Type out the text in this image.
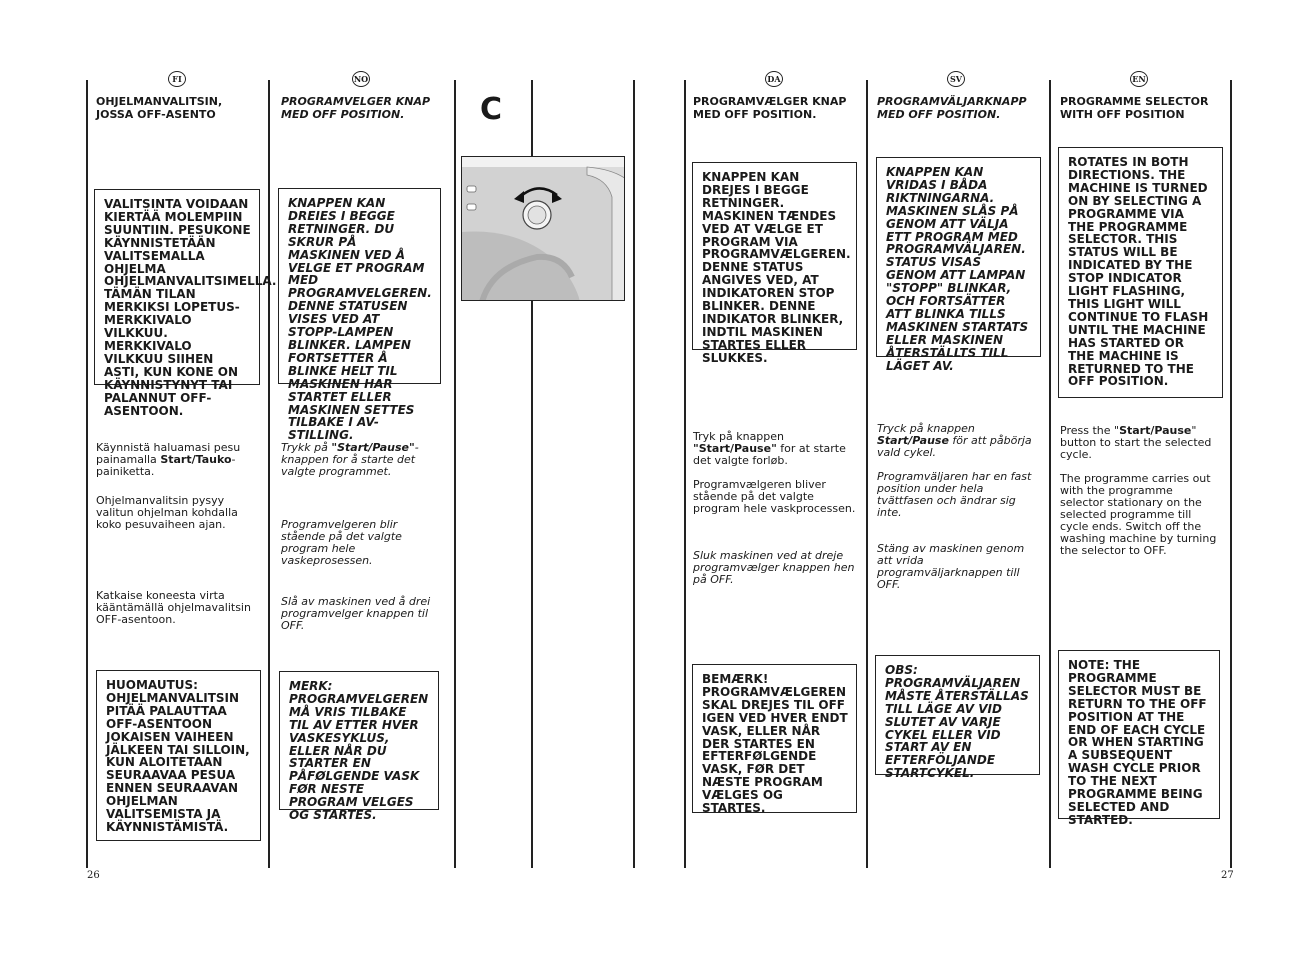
FI	NO	DA	SV	EN
OHJELMANVALITSIN, JOSSA OFF-ASENTO
VALITSINTA VOIDAAN KIERTÄÄ MOLEMPIIN SUUNTIIN. PESUKONE KÄYNNISTETÄÄN VALITSEMALLA OHJELMA OHJELMANVALITSIMELLA. TÄMÄN TILAN MERKIKSI LOPETUS-MERKKIVALO VILKKUU. MERKKIVALO VILKKUU SIIHEN ASTI, KUN KONE ON KÄYNNISTYNYT TAI PALANNUT OFF-ASENTOON.
Käynnistä haluamasi pesu painamalla Start/Tauko-painiketta.
Ohjelmanvalitsin pysyy valitun ohjelman kohdalla koko pesuvaiheen ajan.
Katkaise koneesta virta kääntämällä ohjelmavalitsin OFF-asentoon.
HUOMAUTUS: OHJELMANVALITSIN PITÄÄ PALAUTTAA OFF-ASENTOON JOKAISEN VAIHEEN JÄLKEEN TAI SILLOIN, KUN ALOITETAAN SEURAAVAA PESUA ENNEN SEURAAVAN OHJELMAN VALITSEMISTA JA KÄYNNISTÄMISTÄ.
PROGRAMVELGER KNAP MED OFF POSITION.
KNAPPEN KAN DREIES I BEGGE RETNINGER. DU SKRUR PÅ MASKINEN VED Å VELGE ET PROGRAM MED PROGRAMVELGEREN. DENNE STATUSEN VISES VED AT STOPP-LAMPEN BLINKER. LAMPEN FORTSETTER Å BLINKE HELT TIL MASKINEN HAR STARTET ELLER MASKINEN SETTES TILBAKE I AV-STILLING.
Trykk på "Start/Pause"-knappen for å starte det valgte programmet.
Programvelgeren blir stående på det valgte program hele vaskeprosessen.
Slå av maskinen ved å drei programvelger knappen til OFF.
MERK: PROGRAMVELGEREN MÅ VRIS TILBAKE TIL AV ETTER HVER VASKESYKLUS, ELLER NÅR DU STARTER EN PÅFØLGENDE VASK FØR NESTE PROGRAM VELGES OG STARTES.
C	PROGRAMVÆLGER KNAP MED OFF POSITION.
KNAPPEN KAN DREJES I BEGGE RETNINGER. MASKINEN TÆNDES VED AT VÆLGE ET PROGRAM VIA PROGRAMVÆLGEREN. DENNE STATUS ANGIVES VED, AT INDIKATOREN STOP BLINKER. DENNE INDIKATOR BLINKER, INDTIL MASKINEN STARTES ELLER SLUKKES.
Tryk på knappen "Start/Pause" for at starte det valgte forløb.
Programvælgeren bliver stående på det valgte program hele vaskprocessen.
Sluk maskinen ved at dreje programvælger knappen hen på OFF.
BEMÆRK! PROGRAMVÆLGEREN SKAL DREJES TIL OFF IGEN VED HVER ENDT VASK, ELLER NÅR DER STARTES EN EFTERFØLGENDE VASK, FØR DET NÆSTE PROGRAM VÆLGES OG STARTES.
PROGRAMVÄLJARKNAPP MED OFF POSITION.
KNAPPEN KAN VRIDAS I BÅDA RIKTNINGARNA. MASKINEN SLÅS PÅ GENOM ATT VÄLJA ETT PROGRAM MED PROGRAMVÄLJAREN. STATUS VISAS GENOM ATT LAMPAN "STOPP" BLINKAR, OCH FORTSÄTTER ATT BLINKA TILLS MASKINEN STARTATS ELLER MASKINEN ÅTERSTÄLLTS TILL LÄGET AV.
Tryck på knappen Start/Pause för att påbörja vald cykel.
Programväljaren har en fast position under hela tvättfasen och ändrar sig inte.
Stäng av maskinen genom att vrida programväljarknappen till OFF.
OBS: PROGRAMVÄLJAREN MÅSTE ÅTERSTÄLLAS TILL LÄGE AV VID SLUTET AV VARJE CYKEL ELLER VID START AV EN EFTERFÖLJANDE STARTCYKEL.
PROGRAMME SELECTOR WITH OFF POSITION
ROTATES IN BOTH DIRECTIONS. THE MACHINE IS TURNED ON BY SELECTING A PROGRAMME VIA THE PROGRAMME SELECTOR. THIS STATUS WILL BE INDICATED BY THE STOP INDICATOR LIGHT FLASHING, THIS LIGHT WILL CONTINUE TO FLASH UNTIL THE MACHINE HAS STARTED OR THE MACHINE IS RETURNED TO THE OFF POSITION.
Press the "Start/Pause" button to start the selected cycle.
The programme carries out with the programme selector stationary on the selected programme till cycle ends. Switch off the washing machine by turning the selector to OFF.
NOTE: THE PROGRAMME SELECTOR MUST BE RETURN TO THE OFF POSITION AT THE END OF EACH CYCLE OR WHEN STARTING A SUBSEQUENT WASH CYCLE PRIOR TO THE NEXT PROGRAMME BEING SELECTED AND STARTED.
26	27
